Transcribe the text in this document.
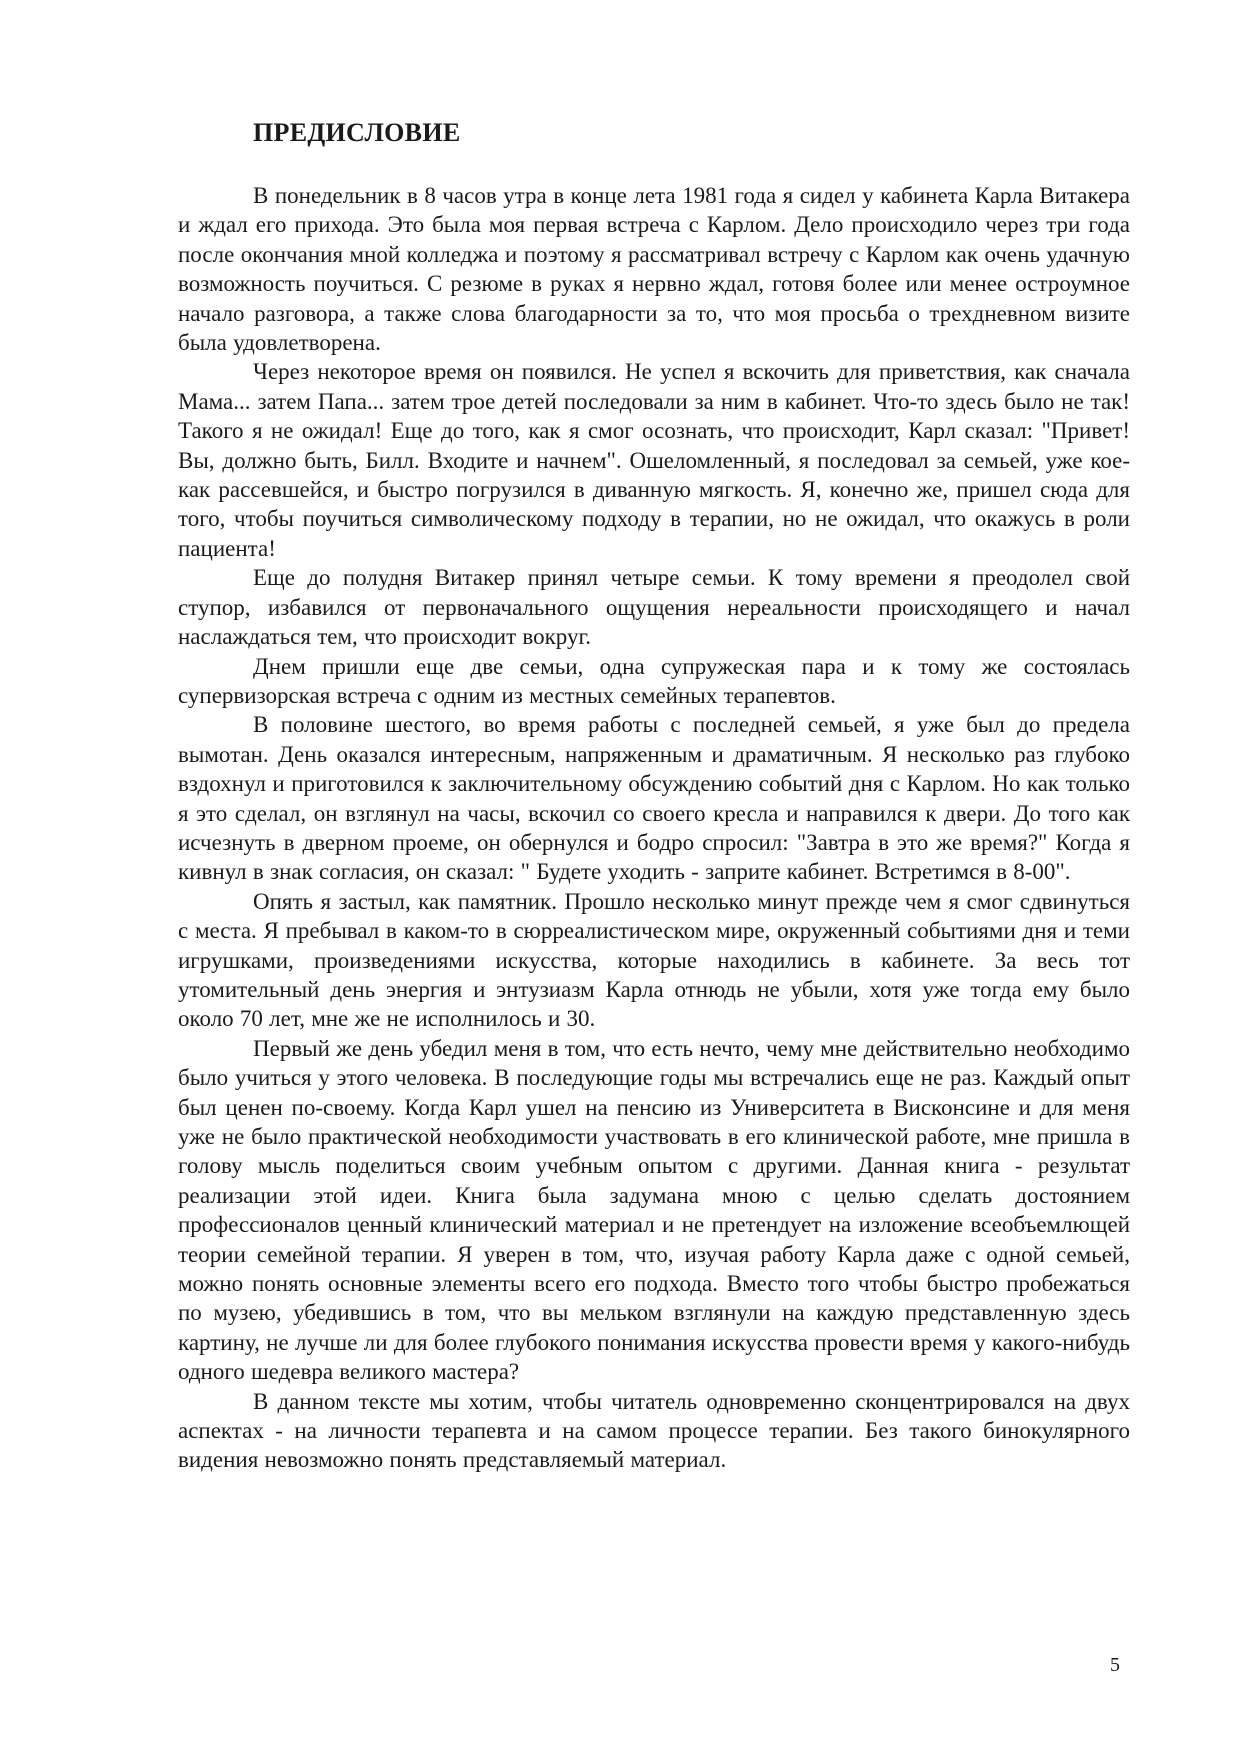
ПРЕДИСЛОВИЕ

В понедельник в 8 часов утра в конце лета 1981 года я сидел у кабинета Карла Витакера и ждал его прихода. Это была моя первая встреча с Карлом. Дело происходило через три года после окончания мной колледжа и поэтому я рассматривал встречу с Карлом как очень удачную возможность поучиться. С резюме в руках я нервно ждал, готовя более или менее остроумное начало разговора, а также слова благодарности за то, что моя просьба о трехдневном визите была удовлетворена.

Через некоторое время он появился. Не успел я вскочить для приветствия, как сначала Мама... затем Папа... затем трое детей последовали за ним в кабинет. Что-то здесь было не так! Такого я не ожидал! Еще до того, как я смог осознать, что происходит, Карл сказал: "Привет! Вы, должно быть, Билл. Входите и начнем". Ошеломленный, я последовал за семьей, уже кое-как рассевшейся, и быстро погрузился в диванную мягкость. Я, конечно же, пришел сюда для того, чтобы поучиться символическому подходу в терапии, но не ожидал, что окажусь в роли пациента!

Еще до полудня Витакер принял четыре семьи. К тому времени я преодолел свой ступор, избавился от первоначального ощущения нереальности происходящего и начал наслаждаться тем, что происходит вокруг.

Днем пришли еще две семьи, одна супружеская пара и к тому же состоялась супервизорская встреча с одним из местных семейных терапевтов.

В половине шестого, во время работы с последней семьей, я уже был до предела вымотан. День оказался интересным, напряженным и драматичным. Я несколько раз глубоко вздохнул и приготовился к заключительному обсуждению событий дня с Карлом. Но как только я это сделал, он взглянул на часы, вскочил со своего кресла и направился к двери. До того как исчезнуть в дверном проеме, он обернулся и бодро спросил: "Завтра в это же время?" Когда я кивнул в знак согласия, он сказал: " Будете уходить - заприте кабинет. Встретимся в 8-00".

Опять я застыл, как памятник. Прошло несколько минут прежде чем я смог сдвинуться с места. Я пребывал в каком-то в сюрреалистическом мире, окруженный событиями дня и теми игрушками, произведениями искусства, которые находились в кабинете. За весь тот утомительный день энергия и энтузиазм Карла отнюдь не убыли, хотя уже тогда ему было около 70 лет, мне же не исполнилось и 30.

Первый же день убедил меня в том, что есть нечто, чему мне действительно необходимо было учиться у этого человека. В последующие годы мы встречались еще не раз. Каждый опыт был ценен по-своему. Когда Карл ушел на пенсию из Университета в Висконсине и для меня уже не было практической необходимости участвовать в его клинической работе, мне пришла в голову мысль поделиться своим учебным опытом с другими. Данная книга - результат реализации этой идеи. Книга была задумана мною с целью сделать достоянием профессионалов ценный клинический материал и не претендует на изложение всеобъемлющей теории семейной терапии. Я уверен в том, что, изучая работу Карла даже с одной семьей, можно понять основные элементы всего его подхода. Вместо того чтобы быстро пробежаться по музею, убедившись в том, что вы мельком взглянули на каждую представленную здесь картину, не лучше ли для более глубокого понимания искусства провести время у какого-нибудь одного шедевра великого мастера?

В данном тексте мы хотим, чтобы читатель одновременно сконцентрировался на двух аспектах - на личности терапевта и на самом процессе терапии. Без такого бинокулярного видения невозможно понять представляемый материал.

5
